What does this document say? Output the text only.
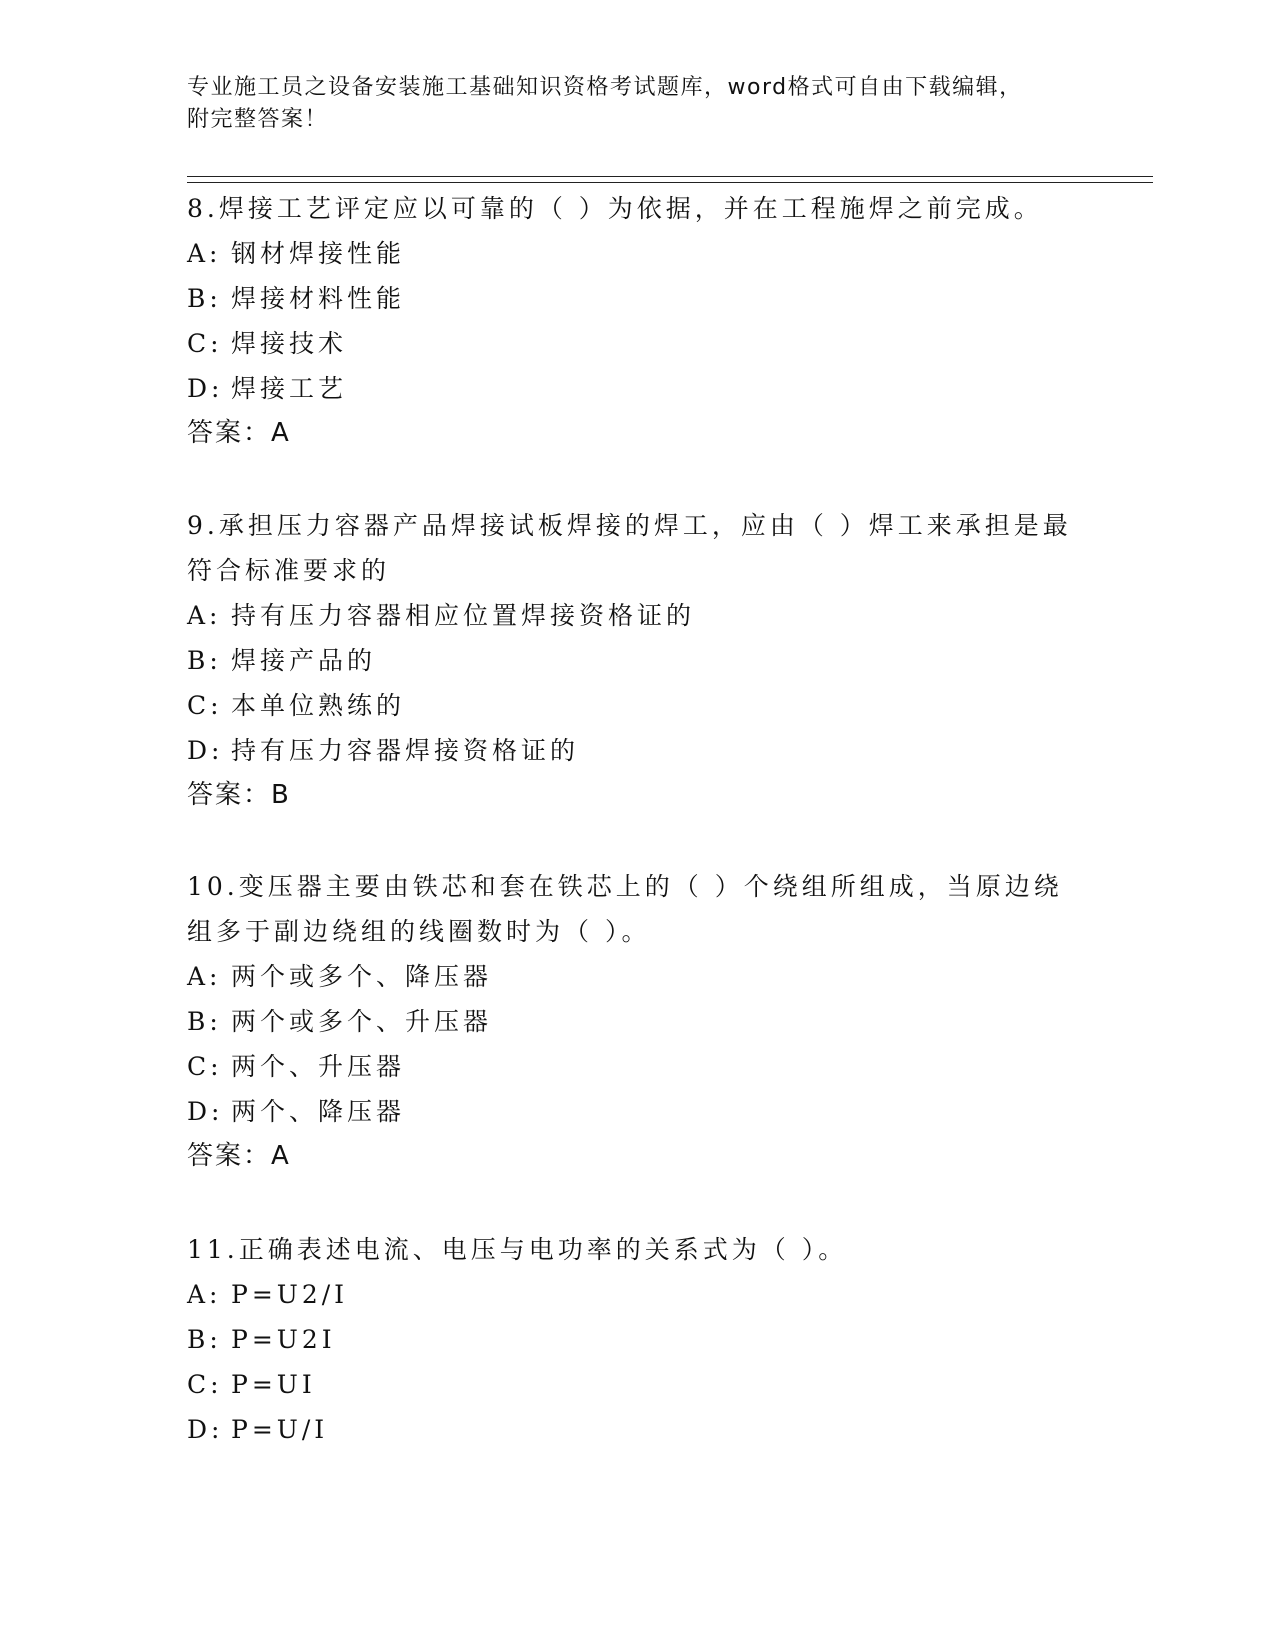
专业施工员之设备安装施工基础知识资格考试题库，word格式可自由下载编辑，
附完整答案！
8.焊接工艺评定应以可靠的（ ）为依据，并在工程施焊之前完成。
A: 钢材焊接性能
B: 焊接材料性能
C: 焊接技术
D: 焊接工艺
答案：A
9.承担压力容器产品焊接试板焊接的焊工，应由（ ）焊工来承担是最
符合标准要求的
A: 持有压力容器相应位置焊接资格证的
B: 焊接产品的
C: 本单位熟练的
D: 持有压力容器焊接资格证的
答案：B
10.变压器主要由铁芯和套在铁芯上的（ ）个绕组所组成，当原边绕
组多于副边绕组的线圈数时为（ ）。
A: 两个或多个、降压器
B: 两个或多个、升压器
C: 两个、升压器
D: 两个、降压器
答案：A
11.正确表述电流、电压与电功率的关系式为（ ）。
A: P=U2/I
B: P=U2I
C: P=UI
D: P=U/I
